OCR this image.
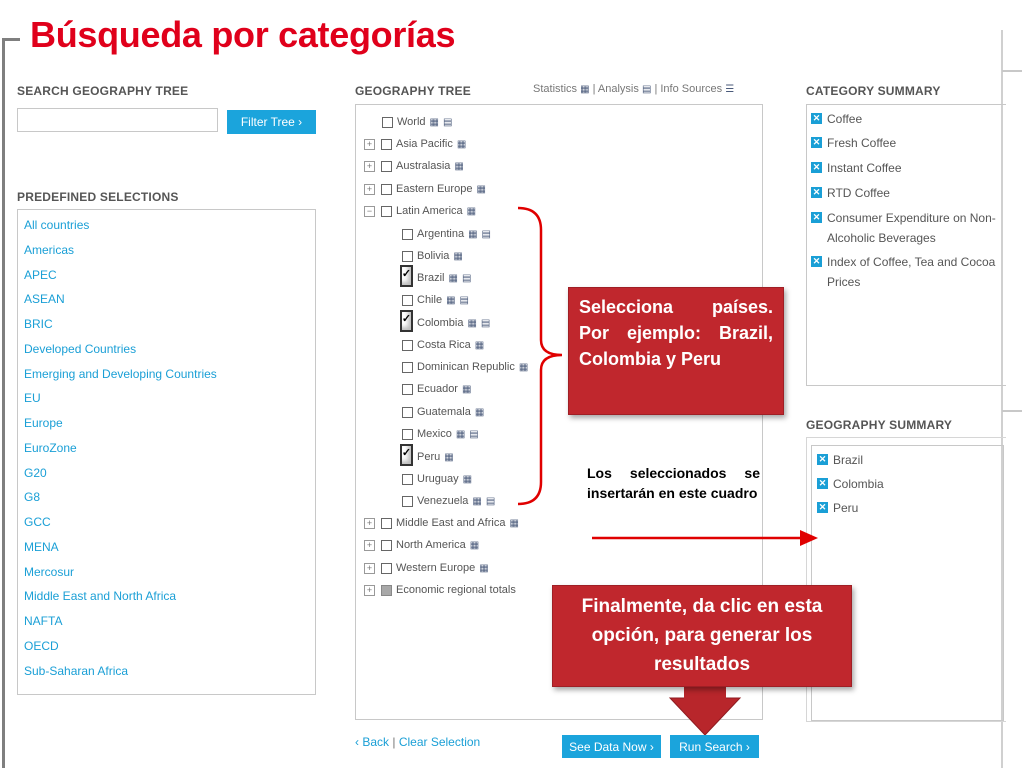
Búsqueda por categorías
SEARCH GEOGRAPHY TREE
Filter Tree ›
PREDEFINED SELECTIONS
All countries
Americas
APEC
ASEAN
BRIC
Developed Countries
Emerging and Developing Countries
EU
Europe
EuroZone
G20
G8
GCC
MENA
Mercosur
Middle East and North Africa
NAFTA
OECD
Sub-Saharan Africa
GEOGRAPHY TREE	Statistics ▦ | Analysis ▤ | Info Sources ☰
World ▦ ▤
+ Asia Pacific ▦
+ Australasia ▦
+ Eastern Europe ▦
− Latin America ▦
Argentina ▦ ▤
Bolivia ▦
✓ Brazil ▦ ▤
Chile ▦ ▤
✓ Colombia ▦ ▤
Costa Rica ▦
Dominican Republic ▦
Ecuador ▦
Guatemala ▦
Mexico ▦ ▤
✓ Peru ▦
Uruguay ▦
Venezuela ▦ ▤
+ Middle East and Africa ▦
+ North America ▦
+ Western Europe ▦
+ Economic regional totals
CATEGORY SUMMARY
✕ Coffee
✕ Fresh Coffee
✕ Instant Coffee
✕ RTD Coffee
✕ Consumer Expenditure on Non-Alcoholic Beverages
✕ Index of Coffee, Tea and Cocoa Prices
GEOGRAPHY SUMMARY
✕ Brazil
✕ Colombia
✕ Peru
Selecciona países. Por ejemplo: Brazil, Colombia y Peru
Los seleccionados se insertarán en este cuadro
Finalmente, da clic en esta opción, para generar los resultados
‹ Back | Clear Selection	See Data Now ›	Run Search ›
